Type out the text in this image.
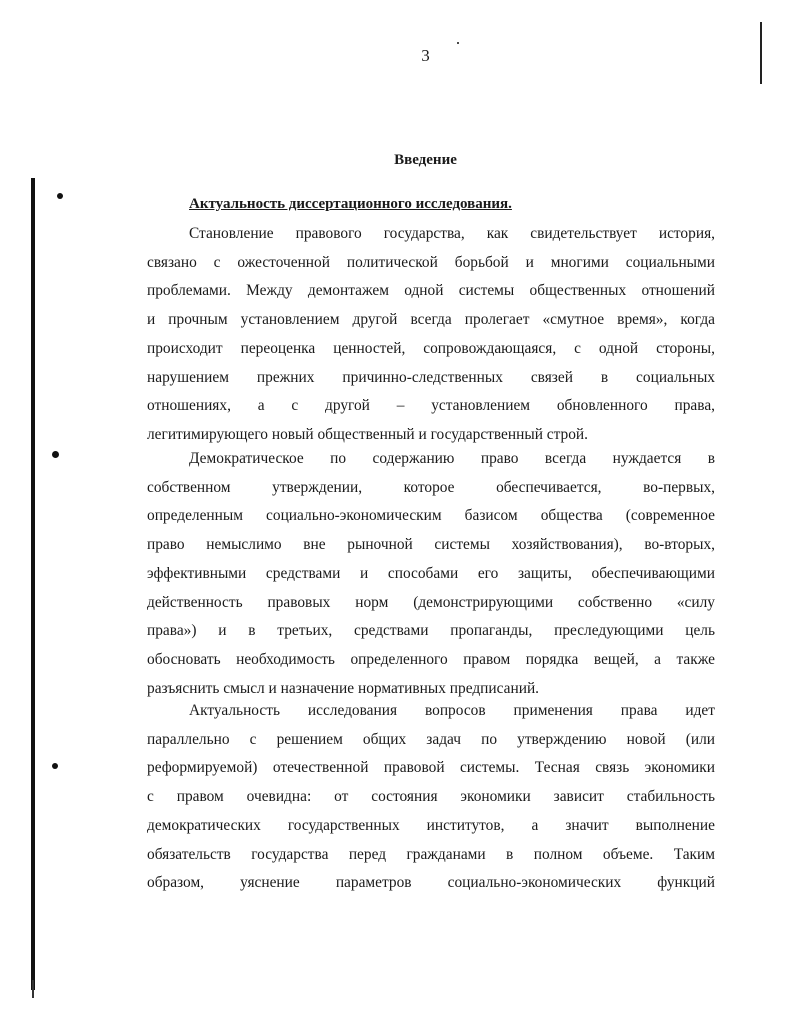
3
Введение
Актуальность диссертационного исследования.
Становление правового государства, как свидетельствует история,
связано с ожесточенной политической борьбой и многими социальными
проблемами. Между демонтажем одной системы общественных отношений
и прочным установлением другой всегда пролегает «смутное время», когда
происходит переоценка ценностей, сопровождающаяся, с одной стороны,
нарушением прежних причинно-следственных связей в социальных
отношениях, а с другой – установлением обновленного права,
легитимирующего новый общественный и государственный строй.
Демократическое по содержанию право всегда нуждается в
собственном утверждении, которое обеспечивается, во-первых,
определенным социально-экономическим базисом общества (современное
право немыслимо вне рыночной системы хозяйствования), во-вторых,
эффективными средствами и способами его защиты, обеспечивающими
действенность правовых норм (демонстрирующими собственно «силу
права») и в третьих, средствами пропаганды, преследующими цель
обосновать необходимость определенного правом порядка вещей, а также
разъяснить смысл и назначение нормативных предписаний.
Актуальность исследования вопросов применения права идет
параллельно с решением общих задач по утверждению новой (или
реформируемой) отечественной правовой системы. Тесная связь экономики
с правом очевидна: от состояния экономики зависит стабильность
демократических государственных институтов, а значит выполнение
обязательств государства перед гражданами в полном объеме. Таким
образом, уяснение параметров социально-экономических функций
